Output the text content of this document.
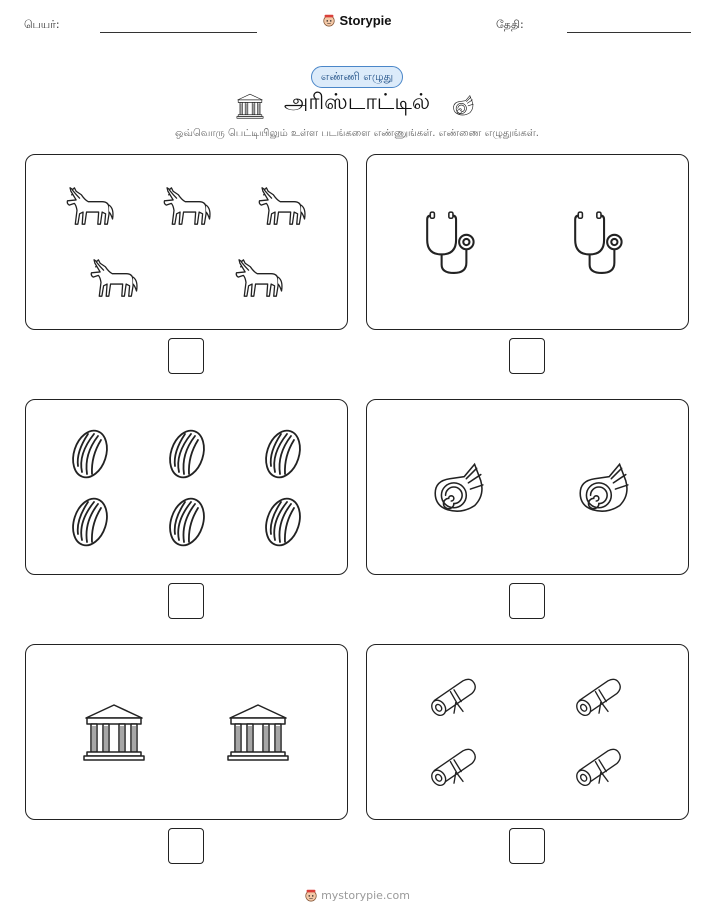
பெயர்:	Storypie	தேதி:
எண்ணி எழுது
அரிஸ்டாட்டில்
ஒவ்வொரு பெட்டியிலும் உள்ள படங்களை எண்ணுங்கள். எண்ணை எழுதுங்கள்.
mystorypie.com
